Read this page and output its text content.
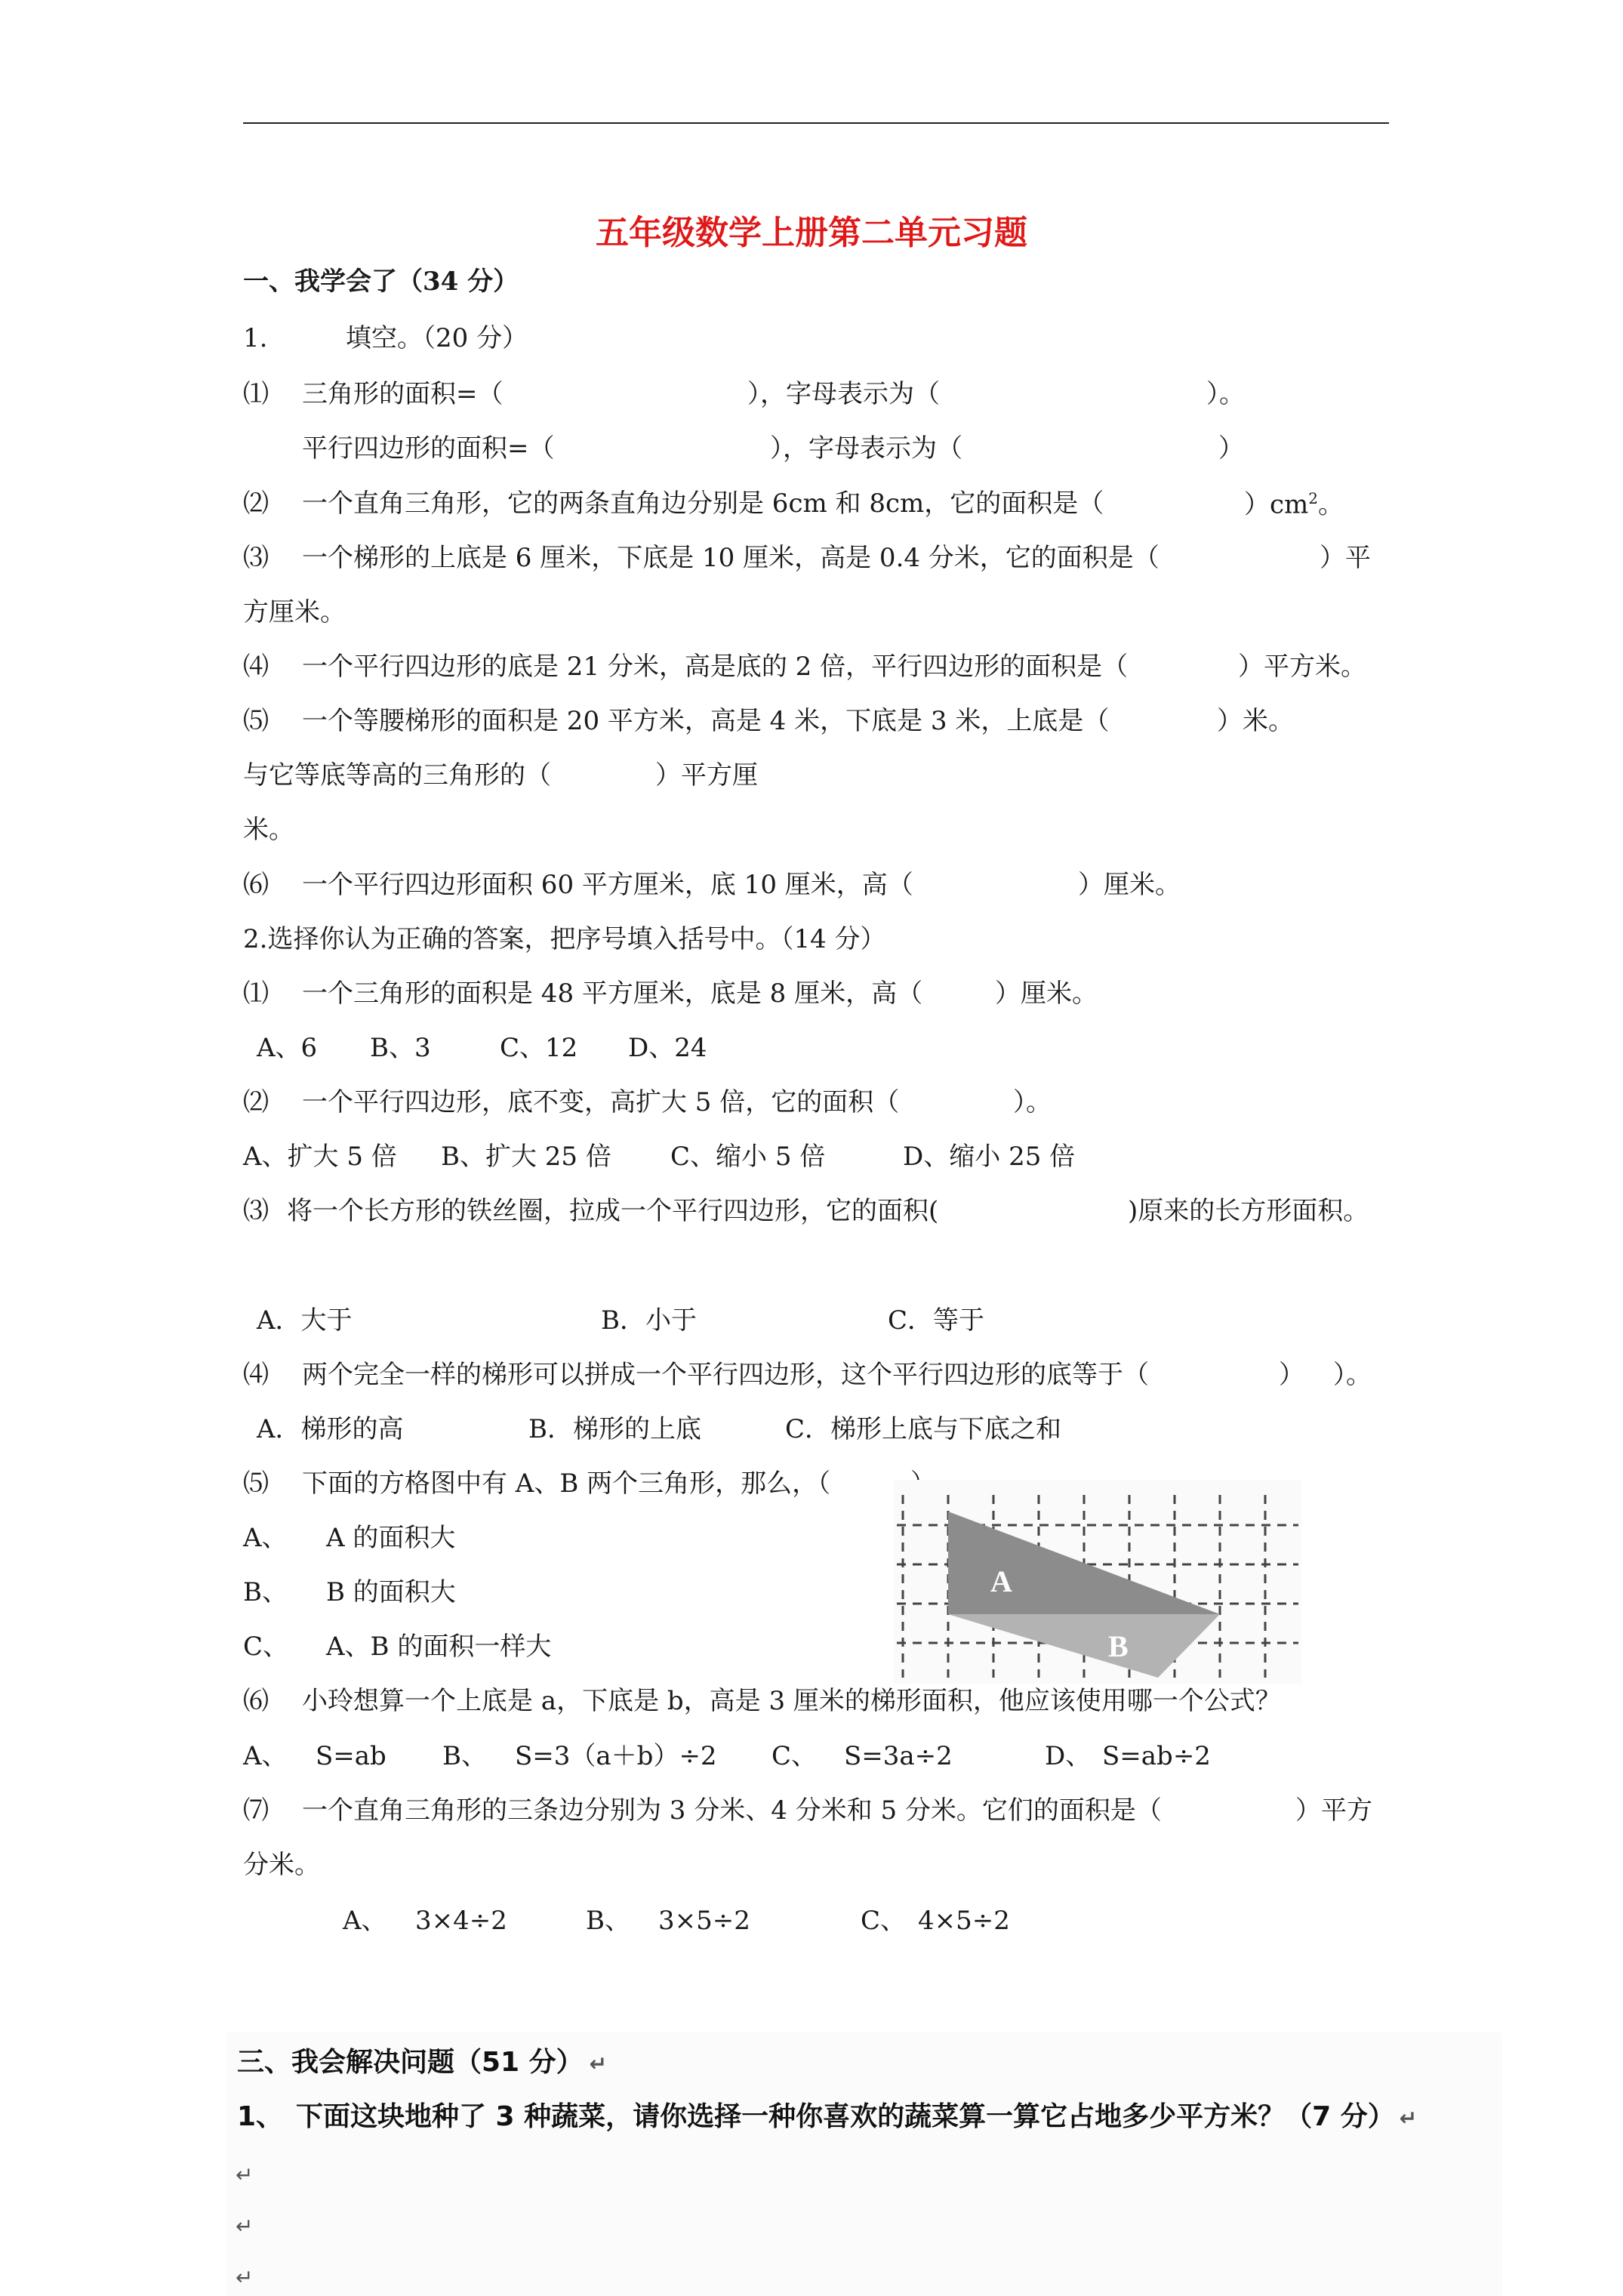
五年级数学上册第二单元习题
一、我学会了（34 分）
1.	填空。（20 分）
⑴ 三角形的面积=（	），字母表示为（	）。
平行四边形的面积=（	），字母表示为（	）
⑵ 一个直角三角形，它的两条直角边分别是 6cm 和 8cm，它的面积是（	）$cm^2$。
⑶ 一个梯形的上底是 6 厘米，下底是 10 厘米，高是 0.4 分米，它的面积是（	）平
方厘米。
⑷ 一个平行四边形的底是 21 分米，高是底的 2 倍，平行四边形的面积是（	）平方米。
⑸ 一个等腰梯形的面积是 20 平方米，高是 4 米，下底是 3 米，上底是（	）米。
与它等底等高的三角形的（	）平方厘
米。
⑹ 一个平行四边形面积 60 平方厘米，底 10 厘米，高（	）厘米。
2.选择你认为正确的答案，把序号填入括号中。（14 分）
⑴ 一个三角形的面积是 48 平方厘米，底是 8 厘米，高（	）厘米。
A、6 B、3	C、12 D、24
⑵ 一个平行四边形，底不变，高扩大 5 倍，它的面积（	）。
A、扩大 5 倍 B、扩大 25 倍 C、缩小 5 倍	D、缩小 25 倍
⑶ 将一个长方形的铁丝圈，拉成一个平行四边形，它的面积(	)原来的长方形面积。
A．大于	B．小于	C．等于
⑷ 两个完全一样的梯形可以拼成一个平行四边形，这个平行四边形的底等于（	） ）。
A．梯形的高	B．梯形的上底	C．梯形上底与下底之和
⑸ 下面的方格图中有 A、B 两个三角形，那么，（
A、 A 的面积大
B、 B 的面积大
C、 A、B 的面积一样大
A
B
⑹ 小玲想算一个上底是 a，下底是 b，高是 3 厘米的梯形面积，他应该使用哪一个公式？
A、 S=ab B、 S=3（a＋b）÷2 C、 S=3a÷2	D、 S=ab÷2
⑺ 一个直角三角形的三条边分别为 3 分米、4 分米和 5 分米。它们的面积是（	）平方
分米。
A、 3×4÷2	B、 3×5÷2	C、 4×5÷2
三、我会解决问题（51 分） ↵
1、 下面这块地种了 3 种蔬菜，请你选择一种你喜欢的蔬菜算一算它占地多少平方米？（7 分） ↵
↵
↵
↵
